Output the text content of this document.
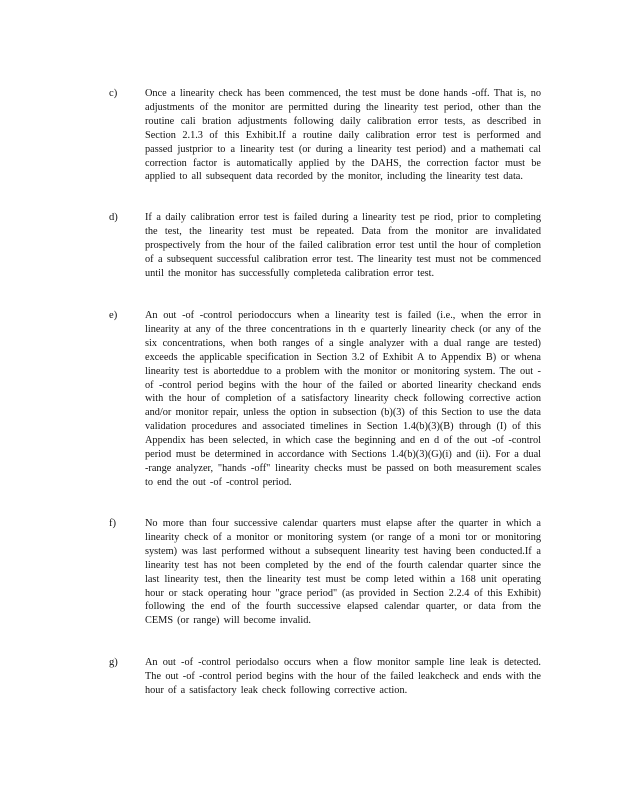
c)	Once a linearity check has been commenced, the test must be done hands -off. That is, no adjustments of the monitor are permitted during the linearity test period, other than the routine cali bration adjustments following daily calibration error tests, as described in Section 2.1.3 of this Exhibit.If a routine daily calibration error test is performed and passed justprior to a linearity test (or during a linearity test period) and a mathemati cal correction factor is automatically applied by the DAHS, the correction factor must be applied to all subsequent data recorded by the monitor, including the linearity test data.
d)	If a daily calibration error test is failed during a linearity test pe riod, prior to completing the test, the linearity test must be repeated. Data from the monitor are invalidated prospectively from the hour of the failed calibration error test until the hour of completion of a subsequent successful calibration error test. The linearity test must not be commenced until the monitor has successfully completeda calibration error test.
e)	An out -of -control periodoccurs when a linearity test is failed (i.e., when the error in linearity at any of the three concentrations in th e quarterly linearity check (or any of the six concentrations, when both ranges of a single analyzer with a dual range are tested) exceeds the applicable specification in Section 3.2 of Exhibit A to Appendix B) or whena linearity test is aborteddue to a problem with the monitor or monitoring system. The out -of -control period begins with the hour of the failed or aborted linearity checkand ends with the hour of completion of a satisfactory linearity check following corrective action and/or monitor repair, unless the option in subsection (b)(3) of this Section to use the data validation procedures and associated timelines in Section 1.4(b)(3)(B) through (I) of this Appendix has been selected, in which case the beginning and en d of the out -of -control period must be determined in accordance with Sections 1.4(b)(3)(G)(i) and (ii). For a dual -range analyzer, "hands -off" linearity checks must be passed on both measurement scales to end the out -of -control period.
f)	No more than four successive calendar quarters must elapse after the quarter in which a linearity check of a monitor or monitoring system (or range of a moni tor or monitoring system) was last performed without a subsequent linearity test having been conducted.If a linearity test has not been completed by the end of the fourth calendar quarter since the last linearity test, then the linearity test must be comp leted within a 168 unit operating hour or stack operating hour "grace period" (as provided in Section 2.2.4 of this Exhibit) following the end of the fourth successive elapsed calendar quarter, or data from the CEMS (or range) will become invalid.
g)	An out -of -control periodalso occurs when a flow monitor sample line leak is detected. The out -of -control period begins with the hour of the failed leakcheck and ends with the hour of a satisfactory leak check following corrective action.
